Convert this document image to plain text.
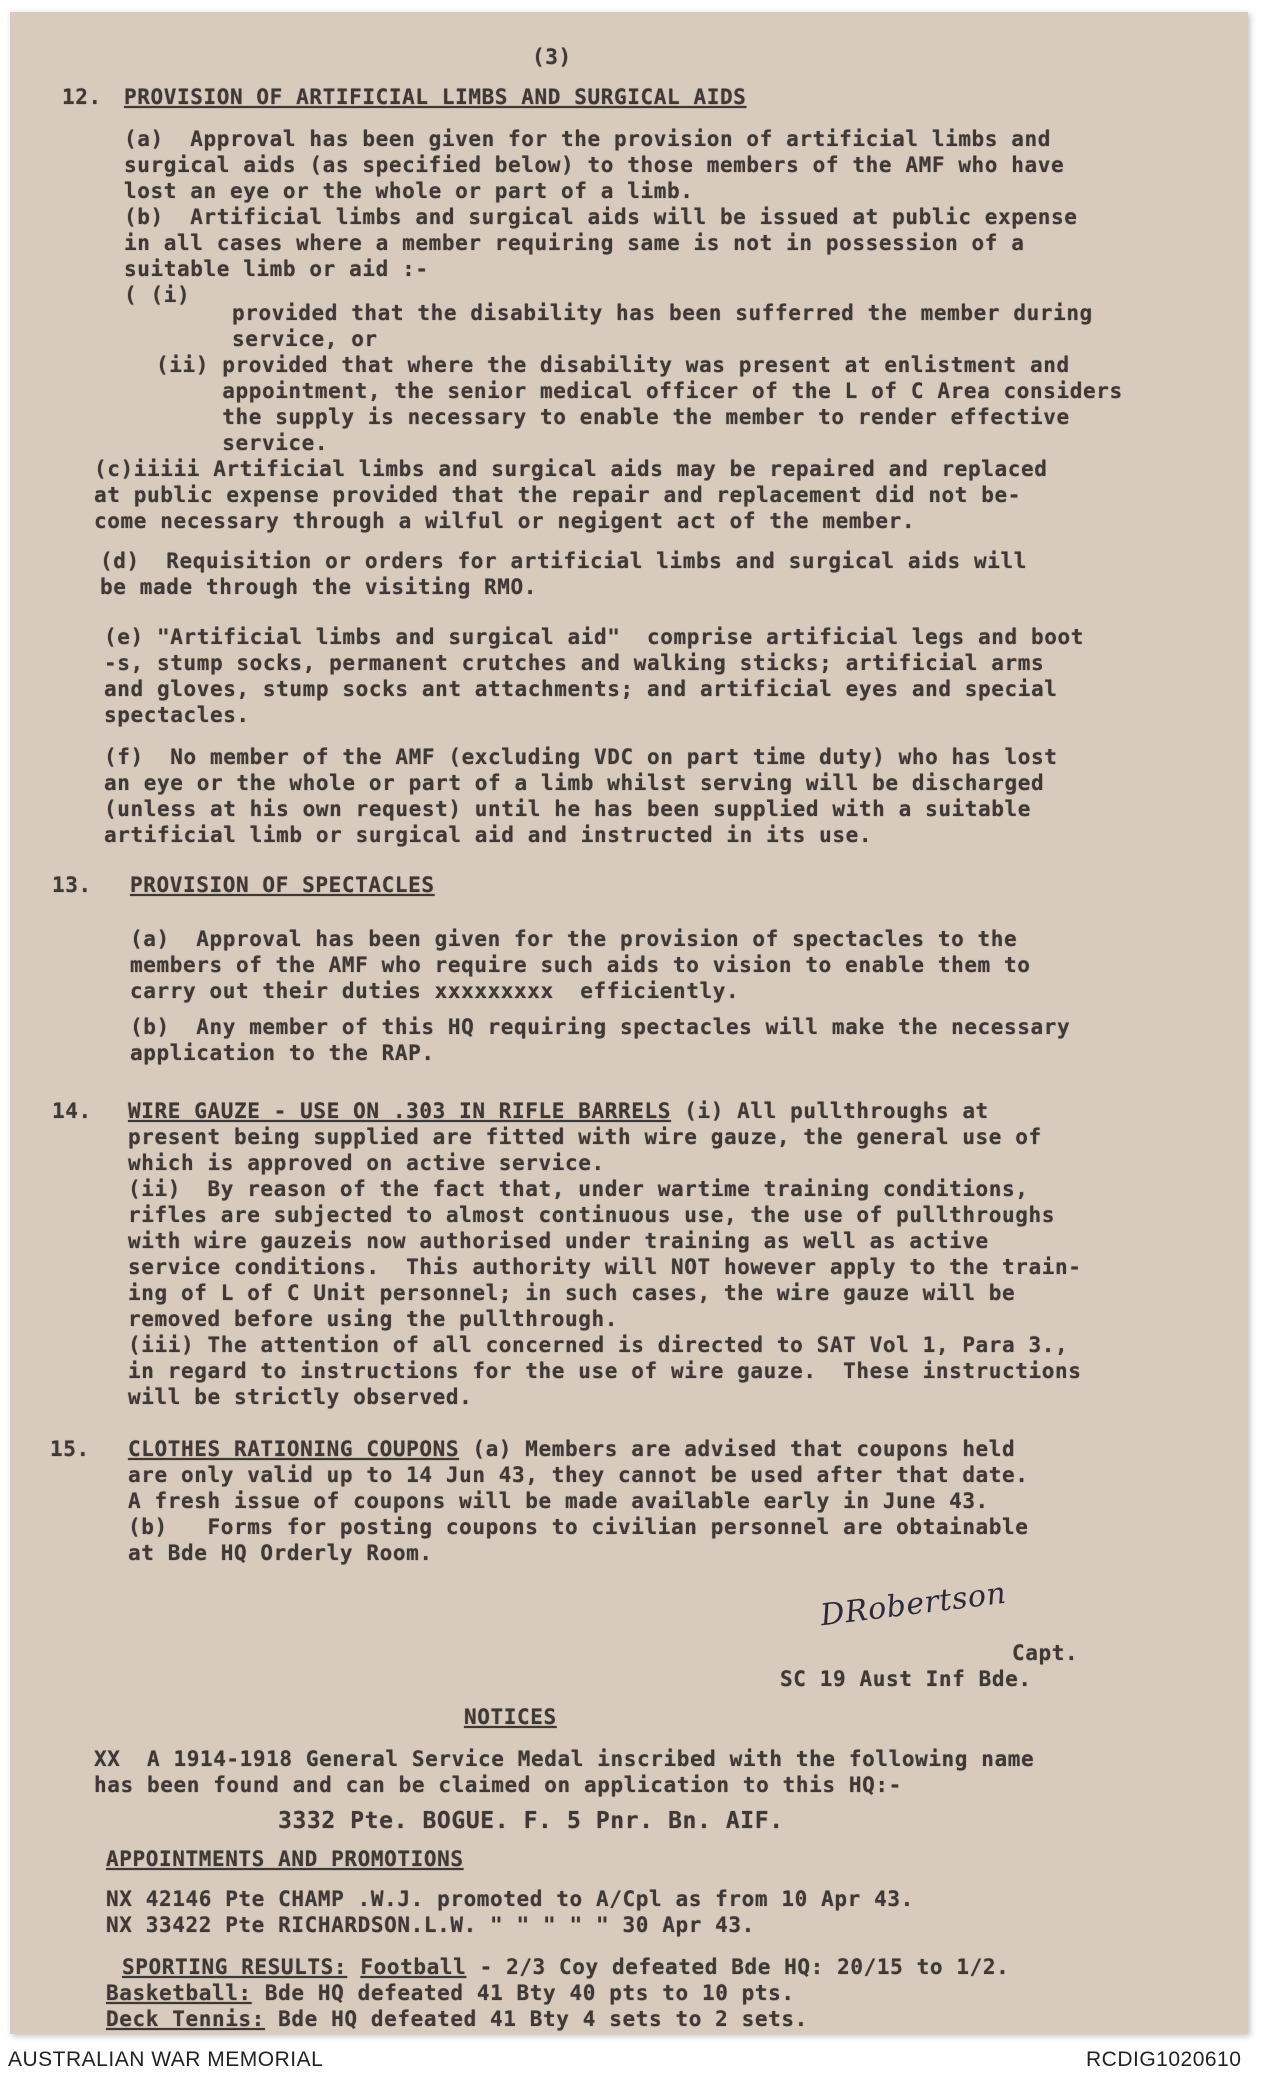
(3)
12. PROVISION OF ARTIFICIAL LIMBS AND SURGICAL AIDS
(a)  Approval has been given for the provision of artificial limbs and
surgical aids (as specified below) to those members of the AMF who have
lost an eye or the whole or part of a limb.
(b)  Artificial limbs and surgical aids will be issued at public expense
in all cases where a member requiring same is not in possession of a
suitable limb or aid :-
( (i)
provided that the disability has been sufferred the member during
service, or
(ii) provided that where the disability was present at enlistment and
appointment, the senior medical officer of the L of C Area considers
the supply is necessary to enable the member to render effective
service.
(c)iiiii Artificial limbs and surgical aids may be repaired and replaced
at public expense provided that the repair and replacement did not be-
come necessary through a wilful or negigent act of the member.
(d)  Requisition or orders for artificial limbs and surgical aids will
be made through the visiting RMO.
(e) "Artificial limbs and surgical aid"  comprise artificial legs and boot
-s, stump socks, permanent crutches and walking sticks; artificial arms
and gloves, stump socks ant attachments; and artificial eyes and special
spectacles.
(f)  No member of the AMF (excluding VDC on part time duty) who has lost
an eye or the whole or part of a limb whilst serving will be discharged
(unless at his own request) until he has been supplied with a suitable
artificial limb or surgical aid and instructed in its use.
13. PROVISION OF SPECTACLES
(a)  Approval has been given for the provision of spectacles to the
members of the AMF who require such aids to vision to enable them to
carry out their duties xxxxxxxxx  efficiently.
(b)  Any member of this HQ requiring spectacles will make the necessary
application to the RAP.
14. WIRE GAUZE - USE ON .303 IN RIFLE BARRELS (i) All pullthroughs at
present being supplied are fitted with wire gauze, the general use of
which is approved on active service.
(ii)  By reason of the fact that, under wartime training conditions,
rifles are subjected to almost continuous use, the use of pullthroughs
with wire gauzeis now authorised under training as well as active
service conditions.  This authority will NOT however apply to the train-
ing of L of C Unit personnel; in such cases, the wire gauze will be
removed before using the pullthrough.
(iii) The attention of all concerned is directed to SAT Vol 1, Para 3.,
in regard to instructions for the use of wire gauze.  These instructions
will be strictly observed.
15. CLOTHES RATIONING COUPONS (a) Members are advised that coupons held
are only valid up to 14 Jun 43, they cannot be used after that date.
A fresh issue of coupons will be made available early in June 43.
(b)   Forms for posting coupons to civilian personnel are obtainable
at Bde HQ Orderly Room.
DRobertson
Capt.
SC 19 Aust Inf Bde.
NOTICES
XX  A 1914-1918 General Service Medal inscribed with the following name
has been found and can be claimed on application to this HQ:-
3332 Pte. BOGUE. F. 5 Pnr. Bn. AIF.
APPOINTMENTS AND PROMOTIONS
NX 42146 Pte CHAMP .W.J. promoted to A/Cpl as from 10 Apr 43.
NX 33422 Pte RICHARDSON.L.W. " " " " " 30 Apr 43.
SPORTING RESULTS: Football - 2/3 Coy defeated Bde HQ: 20/15 to 1/2.
Basketball: Bde HQ defeated 41 Bty 40 pts to 10 pts.
Deck Tennis: Bde HQ defeated 41 Bty 4 sets to 2 sets.
AUSTRALIAN WAR MEMORIAL	RCDIG1020610
